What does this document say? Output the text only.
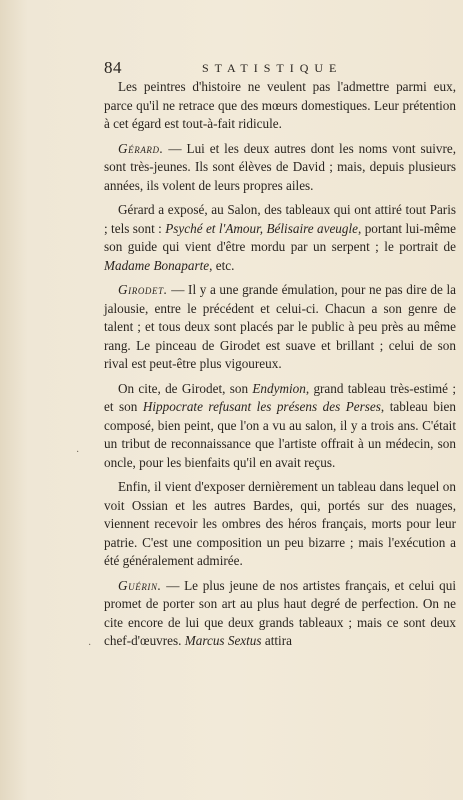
84	STATISTIQUE

Les peintres d'histoire ne veulent pas l'admettre parmi eux, parce qu'il ne retrace que des mœurs domestiques. Leur prétention à cet égard est tout-à-fait ridicule.

Gérard. — Lui et les deux autres dont les noms vont suivre, sont très-jeunes. Ils sont élèves de David ; mais, depuis plusieurs années, ils volent de leurs propres ailes.

Gérard a exposé, au Salon, des tableaux qui ont attiré tout Paris ; tels sont : Psyché et l'Amour, Bélisaire aveugle, portant lui-même son guide qui vient d'être mordu par un serpent ; le portrait de Madame Bonaparte, etc.

Girodet. — Il y a une grande émulation, pour ne pas dire de la jalousie, entre le précédent et celui-ci. Chacun a son genre de talent ; et tous deux sont placés par le public à peu près au même rang. Le pinceau de Girodet est suave et brillant ; celui de son rival est peut-être plus vigoureux.

On cite, de Girodet, son Endymion, grand tableau très-estimé ; et son Hippocrate refusant les présens des Perses, tableau bien composé, bien peint, que l'on a vu au salon, il y a trois ans. C'était un tribut de reconnaissance que l'artiste offrait à un médecin, son oncle, pour les bienfaits qu'il en avait reçus.

Enfin, il vient d'exposer dernièrement un tableau dans lequel on voit Ossian et les autres Bardes, qui, portés sur des nuages, viennent recevoir les ombres des héros français, morts pour leur patrie. C'est une composition un peu bizarre ; mais l'exécution a été généralement admirée.

Guérin. — Le plus jeune de nos artistes français, et celui qui promet de porter son art au plus haut degré de perfection. On ne cite encore de lui que deux grands tableaux ; mais ce sont deux chef-d'œuvres. Marcus Sextus attira

·
·
